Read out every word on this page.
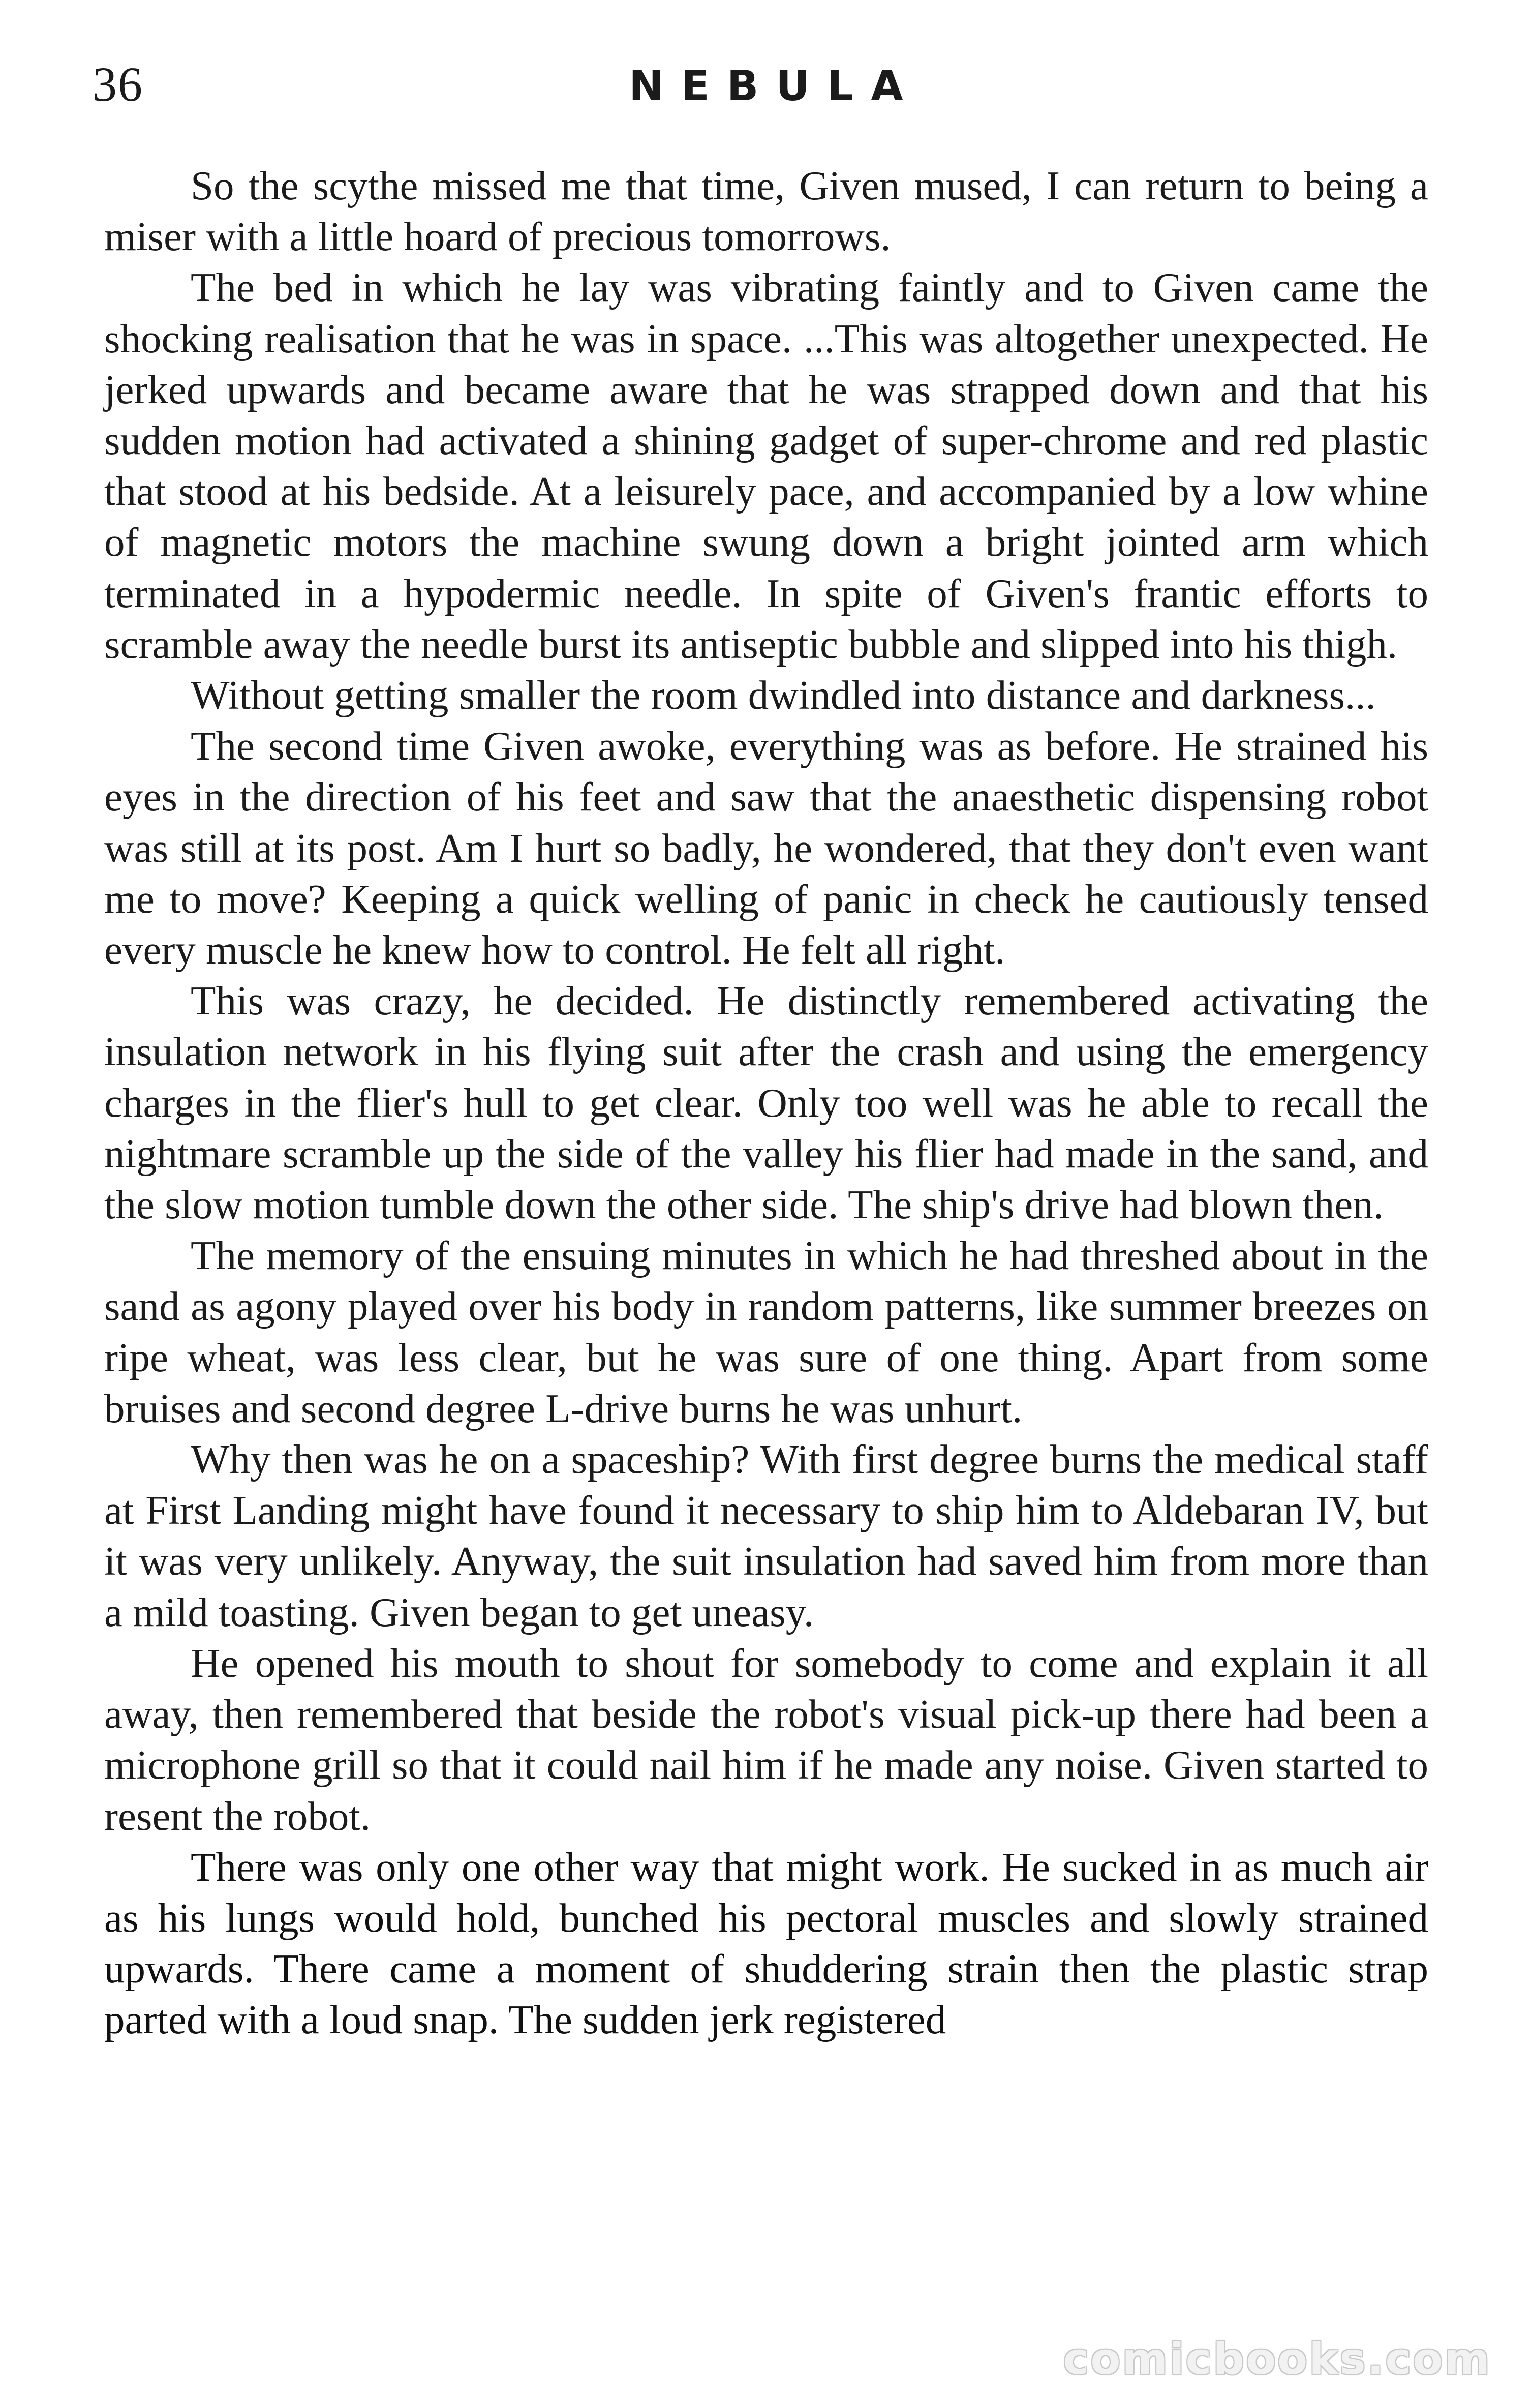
36	NEBULA

So the scythe missed me that time, Given mused, I can return to being a miser with a little hoard of precious tomorrows.

The bed in which he lay was vibrating faintly and to Given came the shocking realisation that he was in space. ...This was altogether unexpected. He jerked upwards and became aware that he was strapped down and that his sudden motion had activated a shining gadget of super-chrome and red plastic that stood at his bedside. At a leisurely pace, and accompanied by a low whine of magnetic motors the machine swung down a bright jointed arm which terminated in a hypodermic needle. In spite of Given's frantic efforts to scramble away the needle burst its antiseptic bubble and slipped into his thigh.

Without getting smaller the room dwindled into distance and darkness...

The second time Given awoke, everything was as before. He strained his eyes in the direction of his feet and saw that the anaesthetic dispensing robot was still at its post. Am I hurt so badly, he wondered, that they don't even want me to move? Keeping a quick welling of panic in check he cautiously tensed every muscle he knew how to control. He felt all right.

This was crazy, he decided. He distinctly remembered activating the insulation network in his flying suit after the crash and using the emergency charges in the flier's hull to get clear. Only too well was he able to recall the nightmare scramble up the side of the valley his flier had made in the sand, and the slow motion tumble down the other side. The ship's drive had blown then.

The memory of the ensuing minutes in which he had threshed about in the sand as agony played over his body in random patterns, like summer breezes on ripe wheat, was less clear, but he was sure of one thing. Apart from some bruises and second degree L-drive burns he was unhurt.

Why then was he on a spaceship? With first degree burns the medical staff at First Landing might have found it necessary to ship him to Aldebaran IV, but it was very unlikely. Anyway, the suit insulation had saved him from more than a mild toasting. Given began to get uneasy.

He opened his mouth to shout for somebody to come and explain it all away, then remembered that beside the robot's visual pick-up there had been a microphone grill so that it could nail him if he made any noise. Given started to resent the robot.

There was only one other way that might work. He sucked in as much air as his lungs would hold, bunched his pectoral muscles and slowly strained upwards. There came a moment of shuddering strain then the plastic strap parted with a loud snap. The sudden jerk registered

comicbooks.com
